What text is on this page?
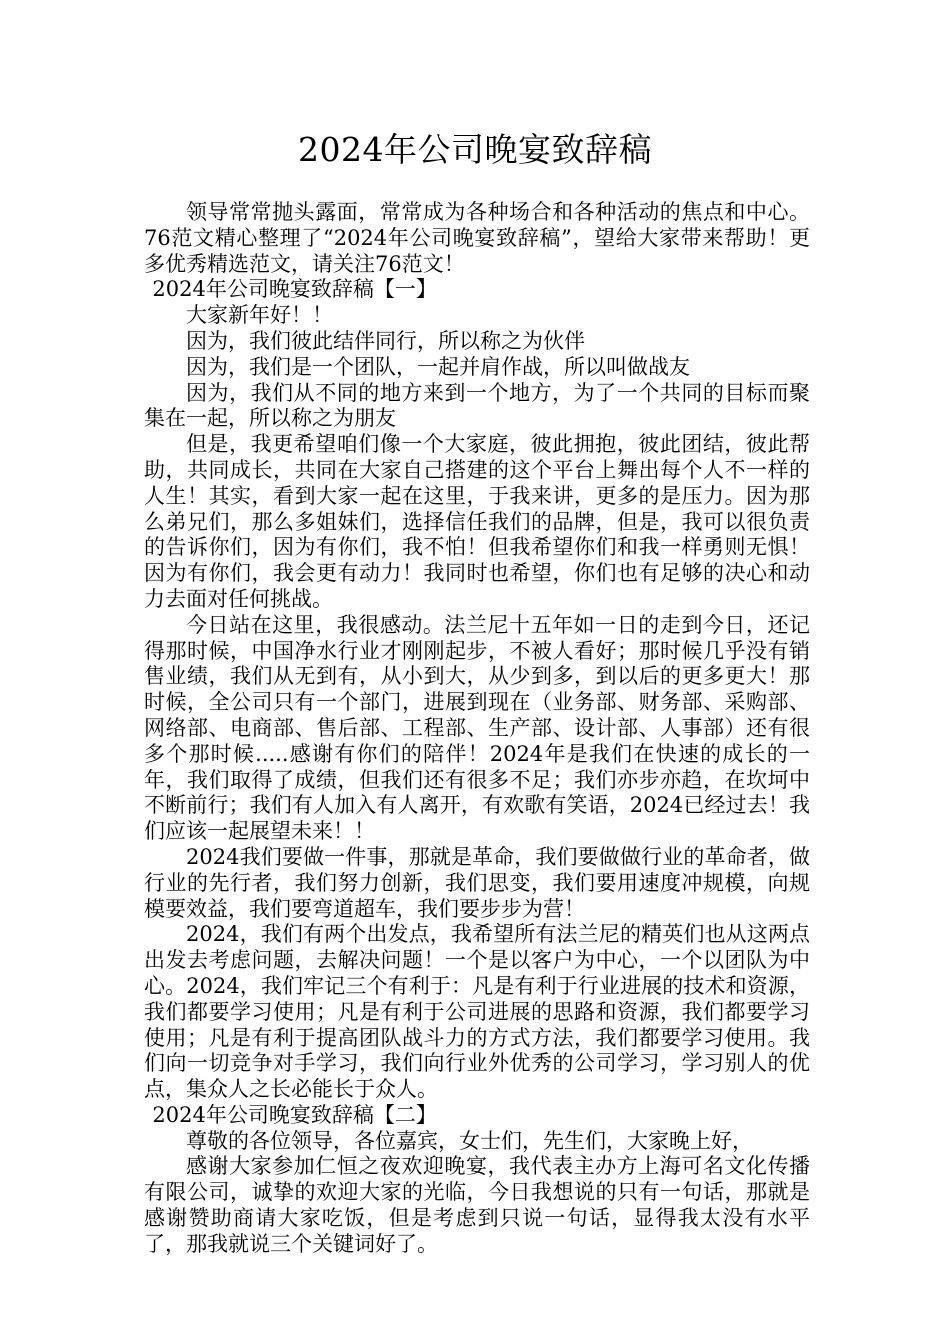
2024年公司晚宴致辞稿

领导常常抛头露面，常常成为各种场合和各种活动的焦点和中心。76范文精心整理了“2024年公司晚宴致辞稿”，望给大家带来帮助！更多优秀精选范文，请关注76范文！

2024年公司晚宴致辞稿【一】

大家新年好！！

因为，我们彼此结伴同行，所以称之为伙伴

因为，我们是一个团队，一起并肩作战，所以叫做战友

因为，我们从不同的地方来到一个地方，为了一个共同的目标而聚集在一起，所以称之为朋友

但是，我更希望咱们像一个大家庭，彼此拥抱，彼此团结，彼此帮助，共同成长，共同在大家自己搭建的这个平台上舞出每个人不一样的人生！其实，看到大家一起在这里，于我来讲，更多的是压力。因为那么弟兄们，那么多姐妹们，选择信任我们的品牌，但是，我可以很负责的告诉你们，因为有你们，我不怕！但我希望你们和我一样勇则无惧！因为有你们，我会更有动力！我同时也希望，你们也有足够的决心和动力去面对任何挑战。

今日站在这里，我很感动。法兰尼十五年如一日的走到今日，还记得那时候，中国净水行业才刚刚起步，不被人看好；那时候几乎没有销售业绩，我们从无到有，从小到大，从少到多，到以后的更多更大！那时候，全公司只有一个部门，进展到现在（业务部、财务部、采购部、网络部、电商部、售后部、工程部、生产部、设计部、人事部）还有很多个那时候.....感谢有你们的陪伴！2024年是我们在快速的成长的一年，我们取得了成绩，但我们还有很多不足；我们亦步亦趋，在坎坷中不断前行；我们有人加入有人离开，有欢歌有笑语，2024已经过去！我们应该一起展望未来！！

2024我们要做一件事，那就是革命，我们要做做行业的革命者，做行业的先行者，我们努力创新，我们思变，我们要用速度冲规模，向规模要效益，我们要弯道超车，我们要步步为营！

2024，我们有两个出发点，我希望所有法兰尼的精英们也从这两点出发去考虑问题，去解决问题！一个是以客户为中心，一个以团队为中心。2024，我们牢记三个有利于：凡是有利于行业进展的技术和资源，我们都要学习使用；凡是有利于公司进展的思路和资源，我们都要学习使用；凡是有利于提高团队战斗力的方式方法，我们都要学习使用。我们向一切竞争对手学习，我们向行业外优秀的公司学习，学习别人的优点，集众人之长必能长于众人。

2024年公司晚宴致辞稿【二】

尊敬的各位领导，各位嘉宾，女士们，先生们，大家晚上好，

感谢大家参加仁恒之夜欢迎晚宴，我代表主办方上海可名文化传播有限公司，诚挚的欢迎大家的光临，今日我想说的只有一句话，那就是感谢赞助商请大家吃饭，但是考虑到只说一句话，显得我太没有水平了，那我就说三个关键词好了。
